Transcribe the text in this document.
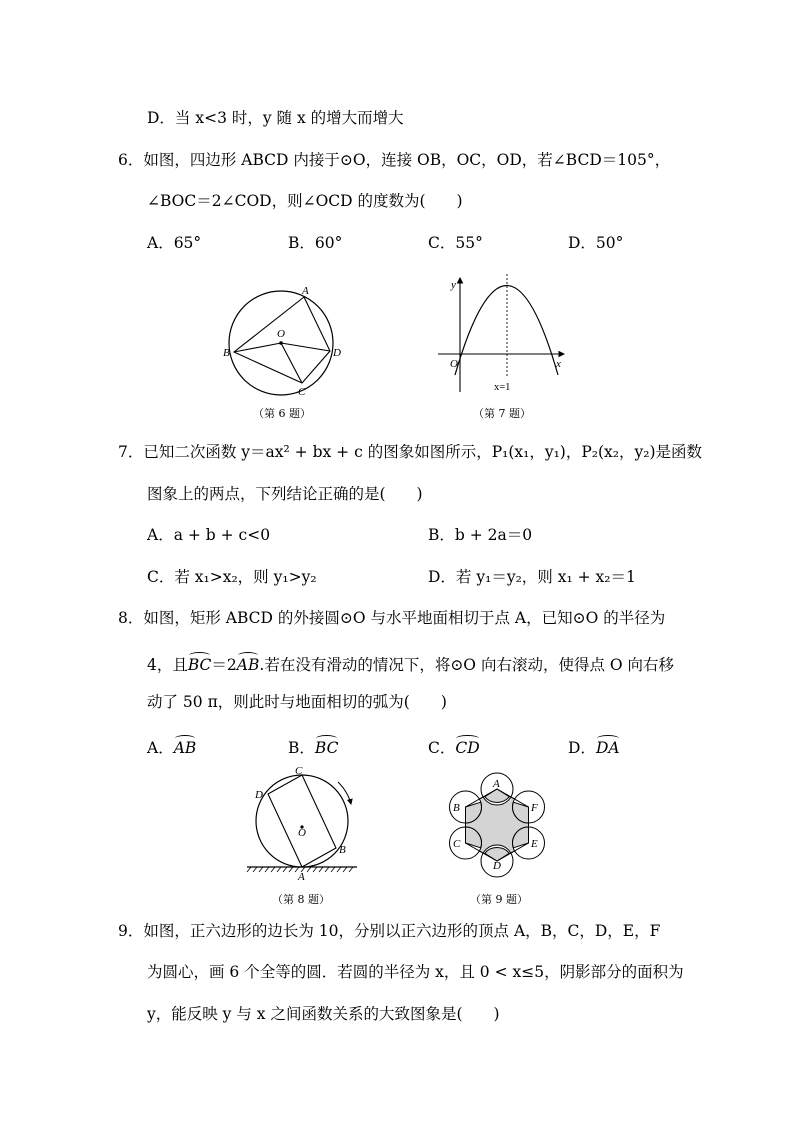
D．当 x<3 时，y 随 x 的增大而增大
6．如图，四边形 ABCD 内接于⊙O，连接 OB，OC，OD，若∠BCD＝105°，
∠BOC＝2∠COD，则∠OCD 的度数为(　　)
A．65°	B．60°	C．55°	D．50°
A
B
C
D
O
（第 6 题）
y
x
O
x=1
（第 7 题）
7．已知二次函数 y＝ax² + bx + c 的图象如图所示，P₁(x₁，y₁)，P₂(x₂，y₂)是函数
图象上的两点，下列结论正确的是(　　)
A．a + b + c<0	B．b + 2a＝0
C．若 x₁>x₂，则 y₁>y₂	D．若 y₁＝y₂，则 x₁ + x₂＝1
8．如图，矩形 ABCD 的外接圆⊙O 与水平地面相切于点 A，已知⊙O 的半径为
4，且BC＝2AB.若在没有滑动的情况下，将⊙O 向右滚动，使得点 O 向右移
动了 50 π，则此时与地面相切的弧为(　　)
A．AB	B．BC	C．CD	D．DA
A
B
C
D
O
（第 8 题）
A
B
C
D
E
F
（第 9 题）
9．如图，正六边形的边长为 10，分别以正六边形的顶点 A，B，C，D，E，F
为圆心，画 6 个全等的圆．若圆的半径为 x，且 0 < x≤5，阴影部分的面积为
y，能反映 y 与 x 之间函数关系的大致图象是(　　)
